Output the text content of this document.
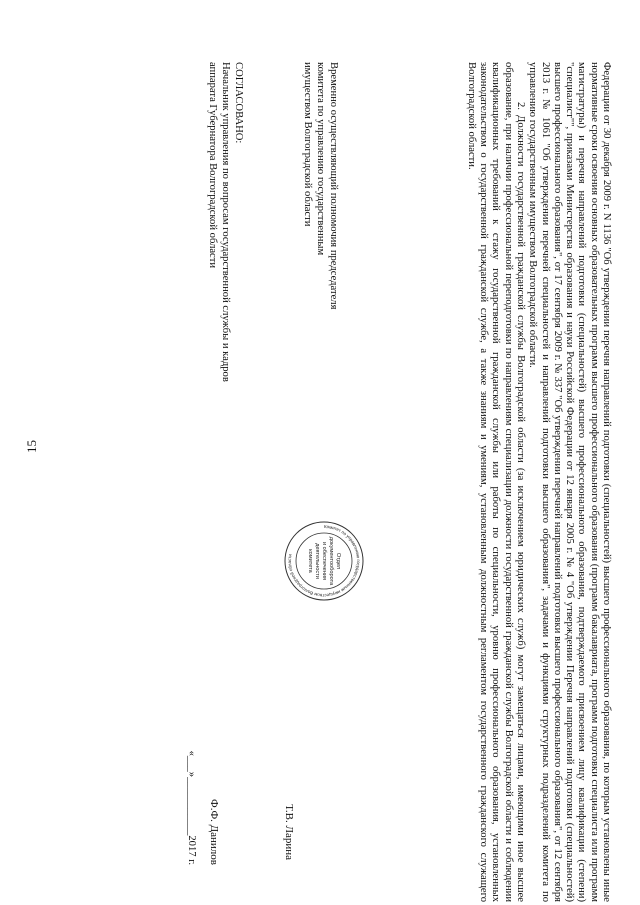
15	Федерации от 30 декабря 2009 г. N 1136 "Об утверждении перечня направлений подготовки (специальностей) высшего профессионального образования, по которым установлены иные нормативные сроки освоения основных образовательных программ высшего профессионального образования (программ бакалавриата, программ подготовки специалиста или программ магистратуры) и перечня направлений подготовки (специальностей) высшего профессионального образования, подтверждаемого присвоением лицу квалификации (степени) "специалист"", приказами Министерства образования и науки Российской Федерации от 12 января 2005 г. № 4 "Об утверждении Перечня направлений подготовки (специальностей) высшего профессионального образования", от 17 сентября 2009 г. № 337 "Об утверждении перечней направлений подготовки высшего профессионального образования", от 12 сентября 2013 г. № 1061 "Об утверждении перечней специальностей и направлений подготовки высшего образования", задачами и функциями структурных подразделений комитета по управлению государственным имуществом Волгоградской области.

2. Должности государственной гражданской службы Волгоградской области (за исключением юридических служб) могут замещаться лицами, имеющими иное высшее образование, при наличии профессиональной переподготовки по направлениям специализации должности государственной гражданской службы Волгоградской области и соблюдении квалификационных требований к стажу государственной гражданской службы или работы по специальности, уровню профессионального образования, установленных законодательством о государственной гражданской службе, а также знаниям и умениям, установленным должностным регламентом государственного гражданского служащего Волгоградской области.

Временно осуществляющий полномочия председателя
комитета по управлению государственным
имуществом Волгоградской области
Т.В. Ларина
Отдел
документооборота
и обеспечения
деятельности
комитета
Комитет по управлению государственным имуществом Волгоградской области
СОГЛАСОВАНО:
Начальник управления по вопросам государственной службы и кадров
аппарата Губернатора Волгоградской области
Ф.Ф. Данилов
«___»___________2017 г.
